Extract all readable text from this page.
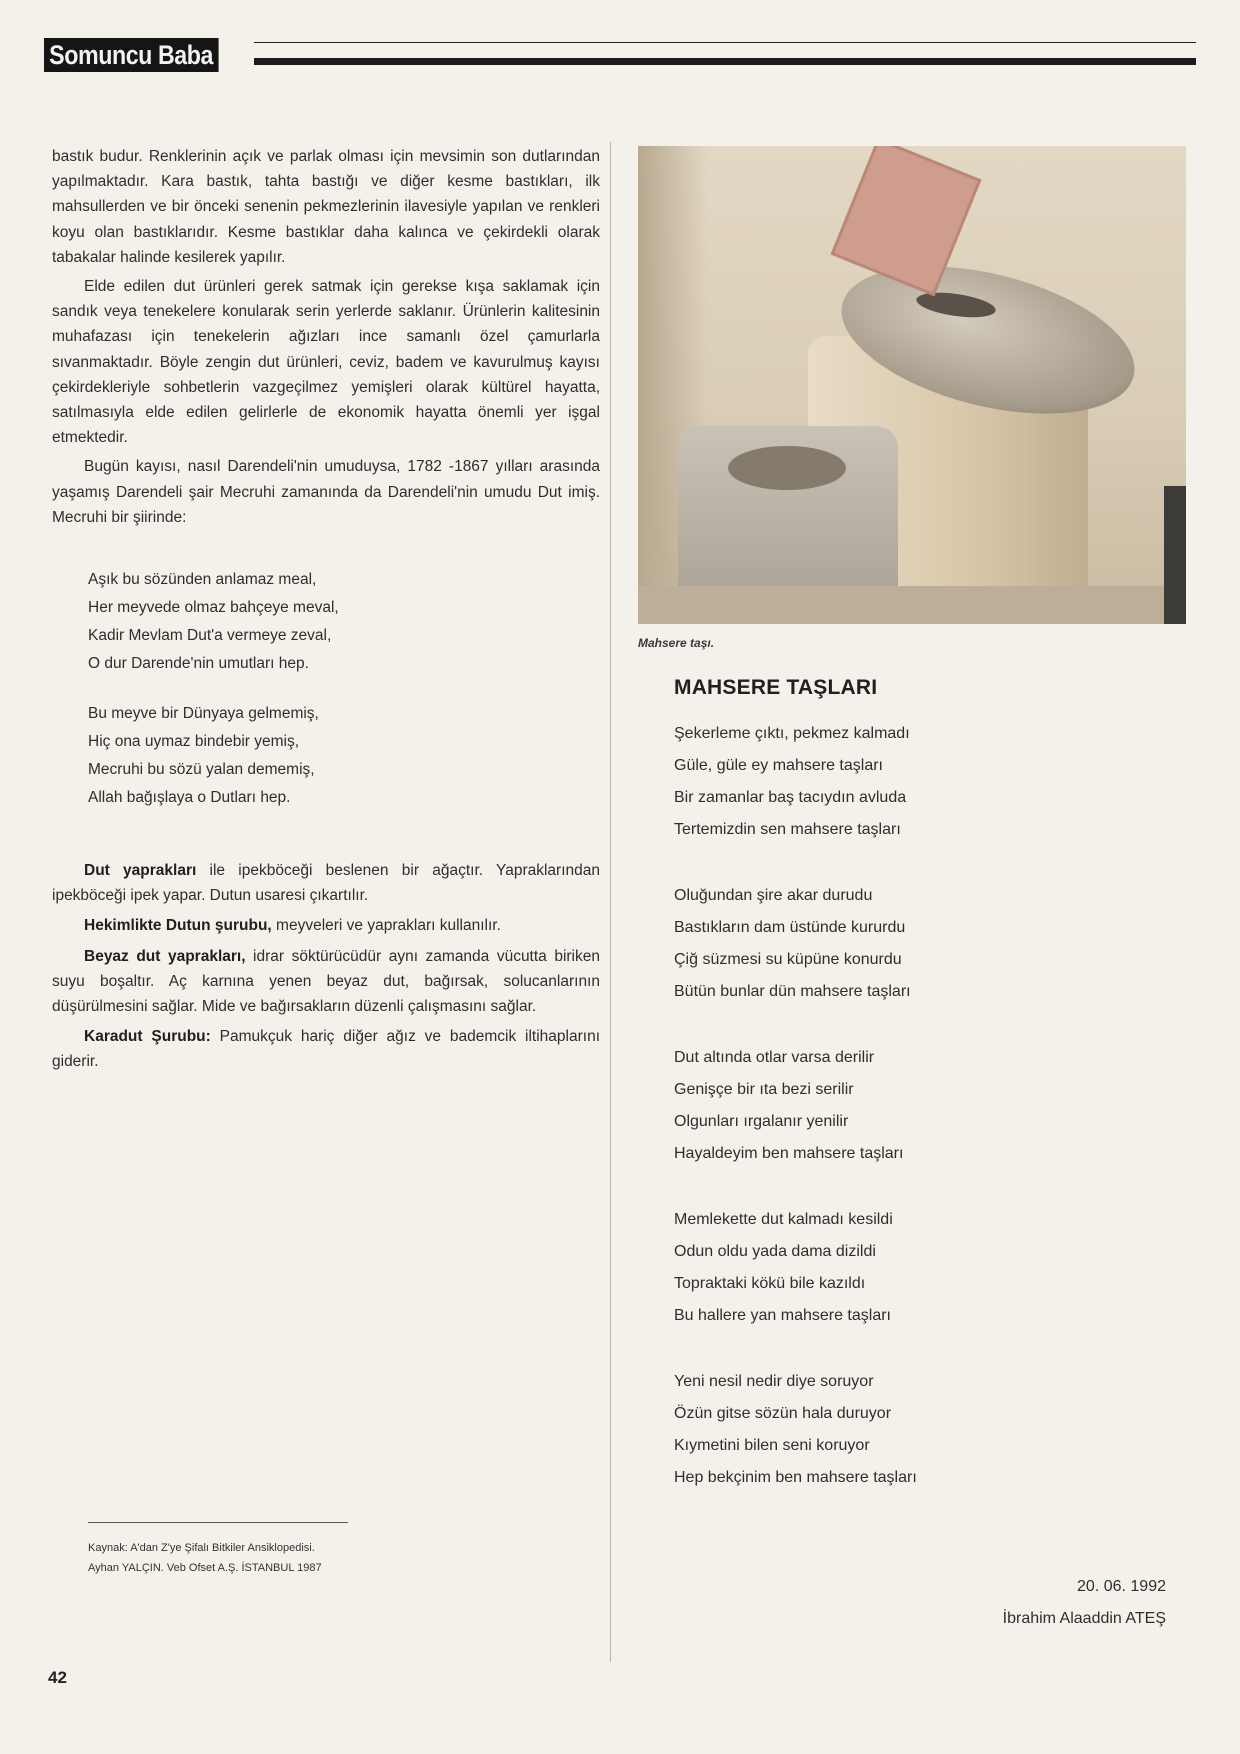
Somuncu Baba

bastık budur. Renklerinin açık ve parlak olması için mevsimin son dutlarından yapılmaktadır. Kara bastık, tahta bastığı ve diğer kesme bastıkları, ilk mahsullerden ve bir önceki senenin pekmezlerinin ilavesiyle yapılan ve renkleri koyu olan bastıklarıdır. Kesme bastıklar daha kalınca ve çekirdekli olarak tabakalar halinde kesilerek yapılır.

Elde edilen dut ürünleri gerek satmak için gerekse kışa saklamak için sandık veya tenekelere konularak serin yerlerde saklanır. Ürünlerin kalitesinin muhafazası için tenekelerin ağızları ince samanlı özel çamurlarla sıvanmaktadır. Böyle zengin dut ürünleri, ceviz, badem ve kavurulmuş kayısı çekirdekleriyle sohbetlerin vazgeçilmez yemişleri olarak kültürel hayatta, satılmasıyla elde edilen gelirlerle de ekonomik hayatta önemli yer işgal etmektedir.

Bugün kayısı, nasıl Darendeli'nin umuduysa, 1782 -1867 yılları arasında yaşamış Darendeli şair Mecruhi zamanında da Darendeli'nin umudu Dut imiş. Mecruhi bir şiirinde:

Aşık bu sözünden anlamaz meal,
Her meyvede olmaz bahçeye meval,
Kadir Mevlam Dut'a vermeye zeval,
O dur Darende'nin umutları hep.
Bu meyve bir Dünyaya gelmemiş,
Hiç ona uymaz bindebir yemiş,
Mecruhi bu sözü yalan dememiş,
Allah bağışlaya o Dutları hep.

Dut yaprakları ile ipekböceği beslenen bir ağaçtır. Yapraklarından ipekböceği ipek yapar. Dutun usaresi çıkartılır.

Hekimlikte Dutun şurubu, meyveleri ve yaprakları kullanılır.

Beyaz dut yaprakları, idrar söktürücüdür aynı zamanda vücutta biriken suyu boşaltır. Aç karnına yenen beyaz dut, bağırsak, solucanlarının düşürülmesini sağlar. Mide ve bağırsakların düzenli çalışmasını sağlar.

Karadut Şurubu: Pamukçuk hariç diğer ağız ve bademcik iltihaplarını giderir.

Kaynak: A'dan Z'ye Şifalı Bitkiler Ansiklopedisi.
Ayhan YALÇIN. Veb Ofset A.Ş. İSTANBUL 1987
Mahsere taşı.
MAHSERE TAŞLARI
Şekerleme çıktı, pekmez kalmadı
Güle, güle ey mahsere taşları
Bir zamanlar baş tacıydın avluda
Tertemizdin sen mahsere taşları
Oluğundan şire akar durudu
Bastıkların dam üstünde kururdu
Çiğ süzmesi su küpüne konurdu
Bütün bunlar dün mahsere taşları
Dut altında otlar varsa derilir
Genişçe bir ıta bezi serilir
Olgunları ırgalanır yenilir
Hayaldeyim ben mahsere taşları
Memlekette dut kalmadı kesildi
Odun oldu yada dama dizildi
Topraktaki kökü bile kazıldı
Bu hallere yan mahsere taşları
Yeni nesil nedir diye soruyor
Özün gitse sözün hala duruyor
Kıymetini bilen seni koruyor
Hep bekçinim ben mahsere taşları
20. 06. 1992
İbrahim Alaaddin ATEŞ
42
